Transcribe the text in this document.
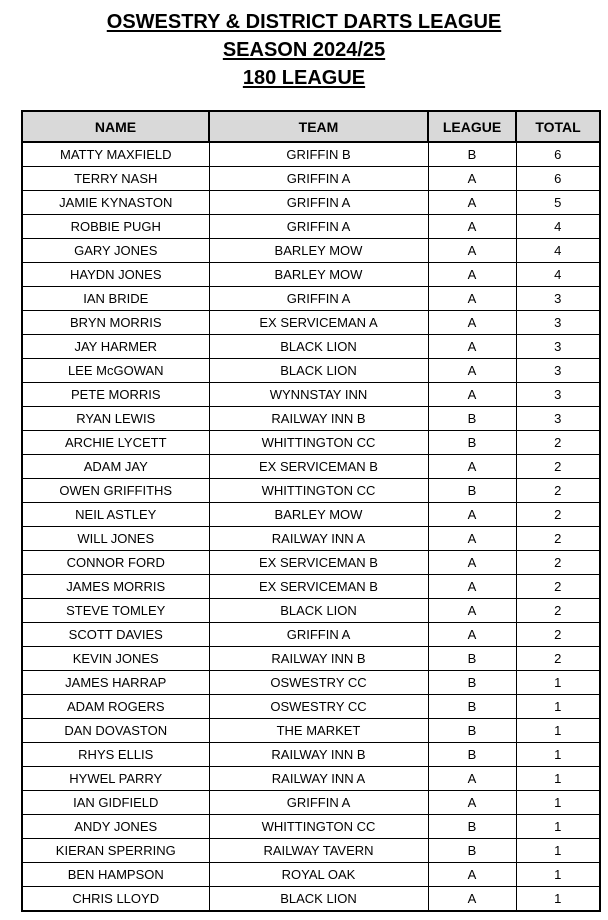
OSWESTRY & DISTRICT DARTS LEAGUE

SEASON 2024/25

180 LEAGUE

NAME	TEAM	LEAGUE	TOTAL
MATTY MAXFIELD	GRIFFIN B	B	6
TERRY NASH	GRIFFIN A	A	6
JAMIE KYNASTON	GRIFFIN A	A	5
ROBBIE PUGH	GRIFFIN A	A	4
GARY JONES	BARLEY MOW	A	4
HAYDN JONES	BARLEY MOW	A	4
IAN BRIDE	GRIFFIN A	A	3
BRYN MORRIS	EX SERVICEMAN A	A	3
JAY HARMER	BLACK LION	A	3
LEE McGOWAN	BLACK LION	A	3
PETE MORRIS	WYNNSTAY INN	A	3
RYAN LEWIS	RAILWAY INN B	B	3
ARCHIE LYCETT	WHITTINGTON CC	B	2
ADAM JAY	EX SERVICEMAN B	A	2
OWEN GRIFFITHS	WHITTINGTON CC	B	2
NEIL ASTLEY	BARLEY MOW	A	2
WILL JONES	RAILWAY INN A	A	2
CONNOR FORD	EX SERVICEMAN B	A	2
JAMES MORRIS	EX SERVICEMAN B	A	2
STEVE TOMLEY	BLACK LION	A	2
SCOTT DAVIES	GRIFFIN A	A	2
KEVIN JONES	RAILWAY INN B	B	2
JAMES HARRAP	OSWESTRY CC	B	1
ADAM ROGERS	OSWESTRY CC	B	1
DAN DOVASTON	THE MARKET	B	1
RHYS ELLIS	RAILWAY INN B	B	1
HYWEL PARRY	RAILWAY INN A	A	1
IAN GIDFIELD	GRIFFIN A	A	1
ANDY JONES	WHITTINGTON CC	B	1
KIERAN SPERRING	RAILWAY TAVERN	B	1
BEN HAMPSON	ROYAL OAK	A	1
CHRIS LLOYD	BLACK LION	A	1
